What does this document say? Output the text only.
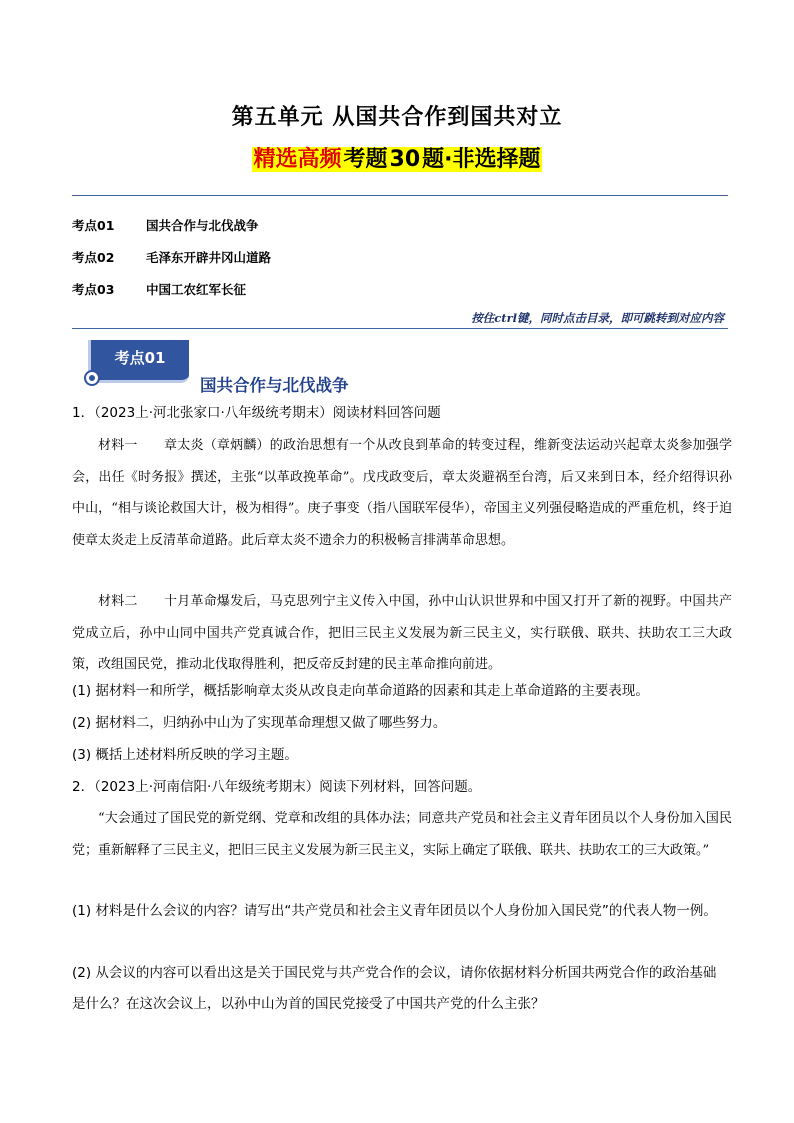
第五单元 从国共合作到国共对立
精选高频考题30题·非选择题
考点01	国共合作与北伐战争
考点02	毛泽东开辟井冈山道路
考点03	中国工农红军长征
按住ctrl键，同时点击目录，即可跳转到对应内容
考点01
国共合作与北伐战争
1．（2023上·河北张家口·八年级统考期末）阅读材料回答问题
材料一　　章太炎（章炳麟）的政治思想有一个从改良到革命的转变过程，维新变法运动兴起章太炎参加强学会，出任《时务报》撰述，主张“以革政挽革命”。戊戌政变后，章太炎避祸至台湾，后又来到日本，经介绍得识孙中山，“相与谈论救国大计，极为相得”。庚子事变（指八国联军侵华），帝国主义列强侵略造成的严重危机，终于迫使章太炎走上反清革命道路。此后章太炎不遗余力的积极畅言排满革命思想。
材料二　　十月革命爆发后，马克思列宁主义传入中国，孙中山认识世界和中国又打开了新的视野。中国共产党成立后，孙中山同中国共产党真诚合作，把旧三民主义发展为新三民主义，实行联俄、联共、扶助农工三大政策，改组国民党，推动北伐取得胜利，把反帝反封建的民主革命推向前进。
(1) 据材料一和所学，概括影响章太炎从改良走向革命道路的因素和其走上革命道路的主要表现。
(2) 据材料二，归纳孙中山为了实现革命理想又做了哪些努力。
(3) 概括上述材料所反映的学习主题。
2．（2023上·河南信阳·八年级统考期末）阅读下列材料，回答问题。
“大会通过了国民党的新党纲、党章和改组的具体办法；同意共产党员和社会主义青年团员以个人身份加入国民党；重新解释了三民主义，把旧三民主义发展为新三民主义，实际上确定了联俄、联共、扶助农工的三大政策。”
(1) 材料是什么会议的内容？请写出“共产党员和社会主义青年团员以个人身份加入国民党”的代表人物一例。
(2) 从会议的内容可以看出这是关于国民党与共产党合作的会议，请你依据材料分析国共两党合作的政治基础是什么？在这次会议上，以孙中山为首的国民党接受了中国共产党的什么主张？
